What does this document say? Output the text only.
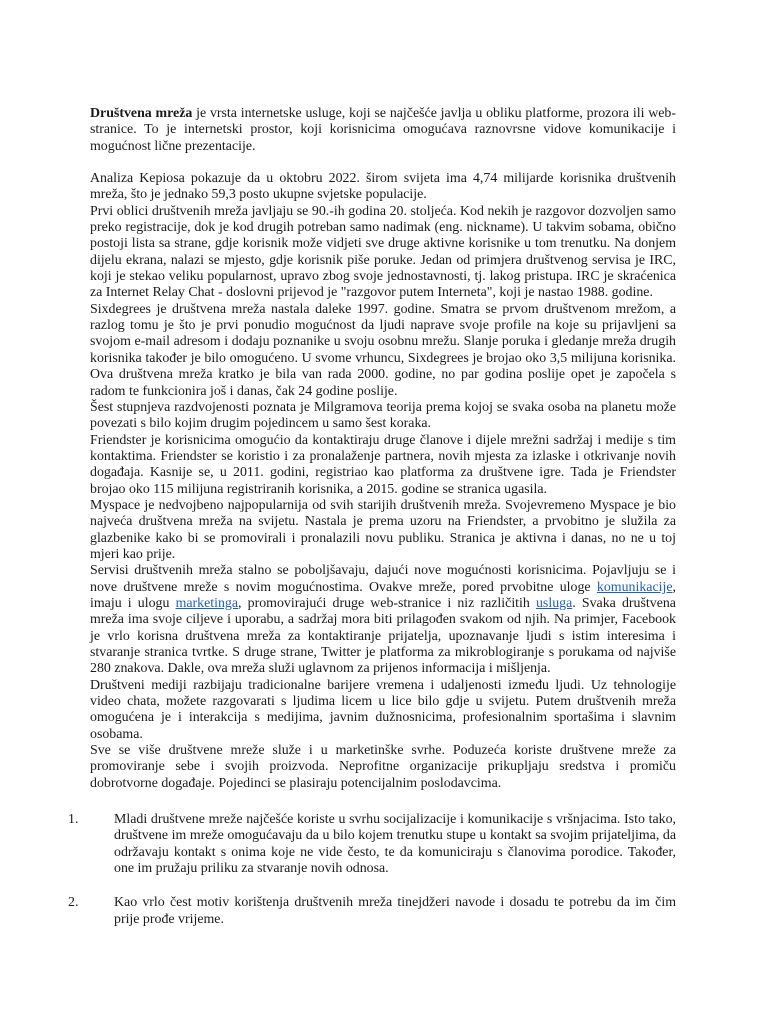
Društvena mreža je vrsta internetske usluge, koji se najčešće javlja u obliku platforme, prozora ili web-stranice. To je internetski prostor, koji korisnicima omogućava raznovrsne vidove komunikacije i mogućnost lične prezentacije.

Analiza Kepiosa pokazuje da u oktobru 2022. širom svijeta ima 4,74 milijarde korisnika društvenih mreža, što je jednako 59,3 posto ukupne svjetske populacije.

Prvi oblici društvenih mreža javljaju se 90.-ih godina 20. stoljeća. Kod nekih je razgovor dozvoljen samo preko registracije, dok je kod drugih potreban samo nadimak (eng. nickname). U takvim sobama, obično postoji lista sa strane, gdje korisnik može vidjeti sve druge aktivne korisnike u tom trenutku. Na donjem dijelu ekrana, nalazi se mjesto, gdje korisnik piše poruke. Jedan od primjera društvenog servisa je IRC, koji je stekao veliku popularnost, upravo zbog svoje jednostavnosti, tj. lakog pristupa. IRC je skraćenica za Internet Relay Chat - doslovni prijevod je "razgovor putem Interneta", koji je nastao 1988. godine.

Sixdegrees je društvena mreža nastala daleke 1997. godine. Smatra se prvom društvenom mrežom, a razlog tomu je što je prvi ponudio mogućnost da ljudi naprave svoje profile na koje su prijavljeni sa svojom e-mail adresom i dodaju poznanike u svoju osobnu mrežu. Slanje poruka i gledanje mreža drugih korisnika također je bilo omogućeno. U svome vrhuncu, Sixdegrees je brojao oko 3,5 milijuna korisnika. Ova društvena mreža kratko je bila van rada 2000. godine, no par godina poslije opet je započela s radom te funkcionira još i danas, čak 24 godine poslije.

Šest stupnjeva razdvojenosti poznata je Milgramova teorija prema kojoj se svaka osoba na planetu može povezati s bilo kojim drugim pojedincem u samo šest koraka.

Friendster je korisnicima omogućio da kontaktiraju druge članove i dijele mrežni sadržaj i medije s tim kontaktima. Friendster se koristio i za pronalaženje partnera, novih mjesta za izlaske i otkrivanje novih događaja. Kasnije se, u 2011. godini, registriao kao platforma za društvene igre. Tada je Friendster brojao oko 115 milijuna registriranih korisnika, a 2015. godine se stranica ugasila.

Myspace je nedvojbeno najpopularnija od svih starijih društvenih mreža. Svojevremeno Myspace je bio najveća društvena mreža na svijetu. Nastala je prema uzoru na Friendster, a prvobitno je služila za glazbenike kako bi se promovirali i pronalazili novu publiku. Stranica je aktivna i danas, no ne u toj mjeri kao prije.

Servisi društvenih mreža stalno se poboljšavaju, dajući nove mogućnosti korisnicima. Pojavljuju se i nove društvene mreže s novim mogućnostima. Ovakve mreže, pored prvobitne uloge komunikacije, imaju i ulogu marketinga, promovirajući druge web-stranice i niz različitih usluga. Svaka društvena mreža ima svoje ciljeve i uporabu, a sadržaj mora biti prilagođen svakom od njih. Na primjer, Facebook je vrlo korisna društvena mreža za kontaktiranje prijatelja, upoznavanje ljudi s istim interesima i stvaranje stranica tvrtke. S druge strane, Twitter je platforma za mikroblogiranje s porukama od najviše 280 znakova. Dakle, ova mreža služi uglavnom za prijenos informacija i mišljenja.

Društveni mediji razbijaju tradicionalne barijere vremena i udaljenosti između ljudi. Uz tehnologije video chata, možete razgovarati s ljudima licem u lice bilo gdje u svijetu. Putem društvenih mreža omogućena je i interakcija s medijima, javnim dužnosnicima, profesionalnim sportašima i slavnim osobama.

Sve se više društvene mreže služe i u marketinške svrhe. Poduzeća koriste društvene mreže za promoviranje sebe i svojih proizvoda. Neprofitne organizacije prikupljaju sredstva i promiču dobrotvorne događaje. Pojedinci se plasiraju potencijalnim poslodavcima.

1.	Mladi društvene mreže najčešće koriste u svrhu socijalizacije i komunikacije s vršnjacima. Isto tako, društvene im mreže omogućavaju da u bilo kojem trenutku stupe u kontakt sa svojim prijateljima, da održavaju kontakt s onima koje ne vide često, te da komuniciraju s članovima porodice. Također, one im pružaju priliku za stvaranje novih odnosa.
2.	Kao vrlo čest motiv korištenja društvenih mreža tinejdžeri navode i dosadu te potrebu da im čim prije prođe vrijeme.
